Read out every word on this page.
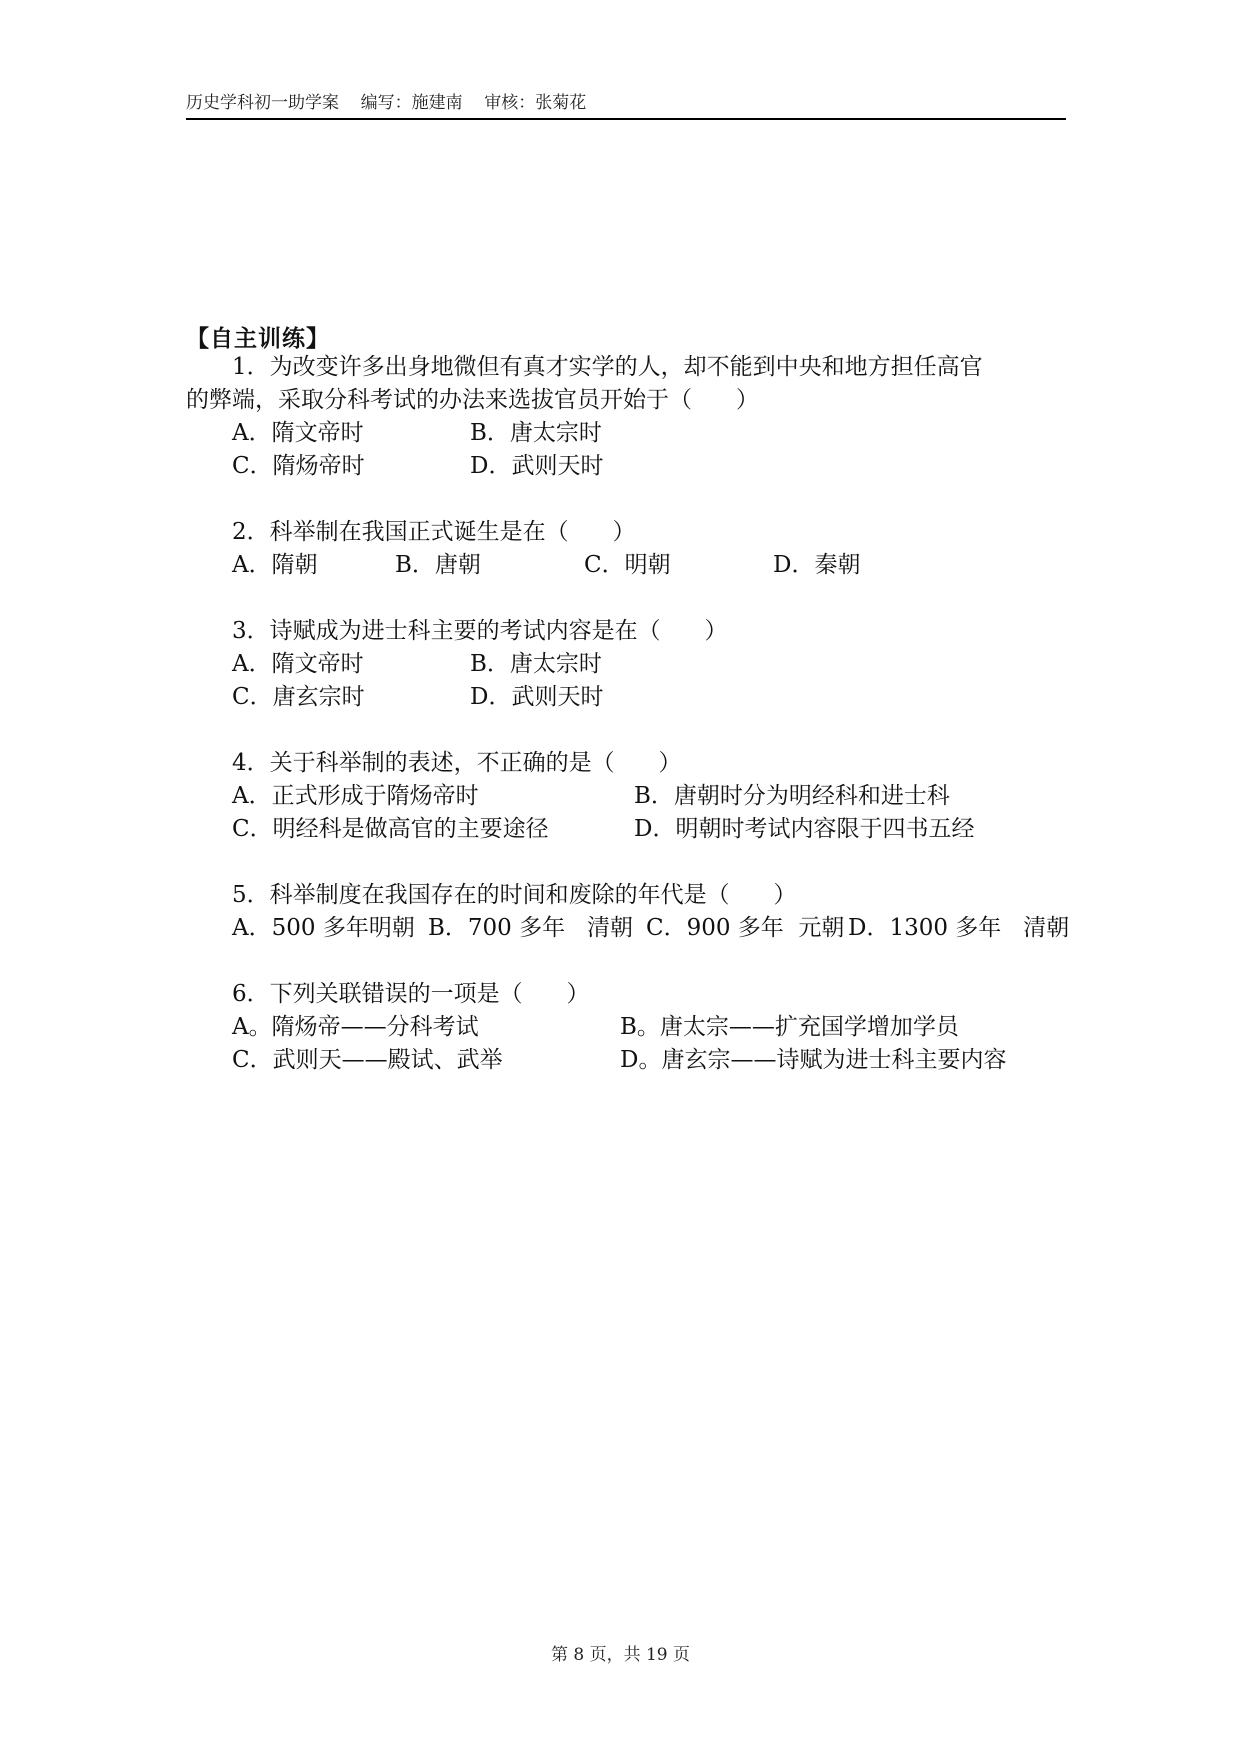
历史学科初一助学案    编写：施建南    审核：张菊花
【自主训练】
1．为改变许多出身地微但有真才实学的人，却不能到中央和地方担任高官
的弊端，采取分科考试的办法来选拔官员开始于（      ）
A．隋文帝时	B．唐太宗时
C．隋炀帝时	D．武则天时
2．科举制在我国正式诞生是在（      ）
A．隋朝	B．唐朝	C．明朝	D．秦朝
3．诗赋成为进士科主要的考试内容是在（      ）
A．隋文帝时	B．唐太宗时
C．唐玄宗时	D．武则天时
4．关于科举制的表述，不正确的是（      ）
A．正式形成于隋炀帝时	B．唐朝时分为明经科和进士科
C．明经科是做高官的主要途径	D．明朝时考试内容限于四书五经
5．科举制度在我国存在的时间和废除的年代是（      ）
A．500 多年明朝 B．700 多年   清朝 C．900 多年  元朝 D．1300 多年   清朝
6．下列关联错误的一项是（      ）
A。隋炀帝——分科考试	B。唐太宗——扩充国学增加学员
C．武则天——殿试、武举	D。唐玄宗——诗赋为进士科主要内容
第 8 页，共 19 页
